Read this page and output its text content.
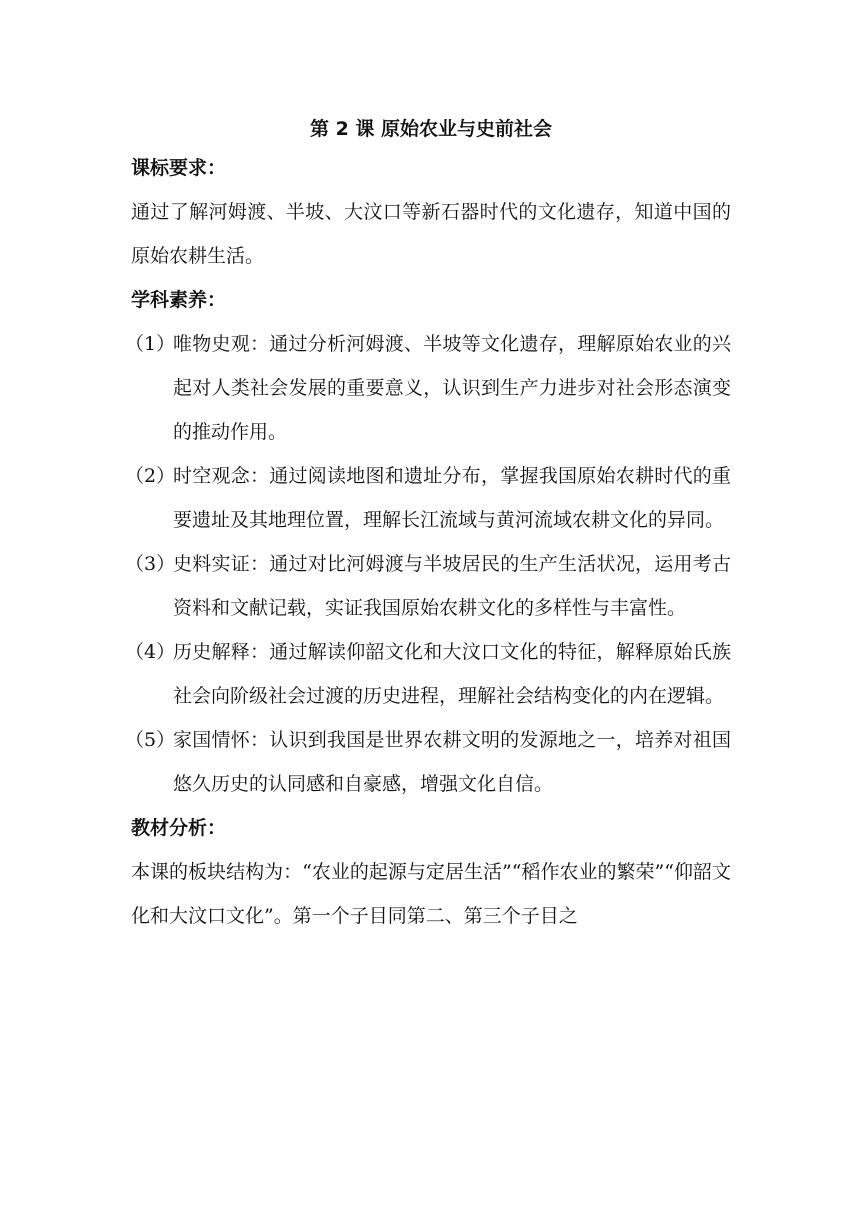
第 2 课 原始农业与史前社会

课标要求：

通过了解河姆渡、半坡、大汶口等新石器时代的文化遗存，知道中国的原始农耕生活。

学科素养：

（1）
唯物史观：通过分析河姆渡、半坡等文化遗存，理解原始农业的兴起对人类社会发展的重要意义，认识到生产力进步对社会形态演变的推动作用。
（2）
时空观念：通过阅读地图和遗址分布，掌握我国原始农耕时代的重要遗址及其地理位置，理解长江流域与黄河流域农耕文化的异同。
（3）
史料实证：通过对比河姆渡与半坡居民的生产生活状况，运用考古资料和文献记载，实证我国原始农耕文化的多样性与丰富性。
（4）
历史解释：通过解读仰韶文化和大汶口文化的特征，解释原始氏族社会向阶级社会过渡的历史进程，理解社会结构变化的内在逻辑。
（5）
家国情怀：认识到我国是世界农耕文明的发源地之一，培养对祖国悠久历史的认同感和自豪感，增强文化自信。

教材分析：

本课的板块结构为：“农业的起源与定居生活”“稻作农业的繁荣”“仰韶文化和大汶口文化”。第一个子目同第二、第三个子目之
